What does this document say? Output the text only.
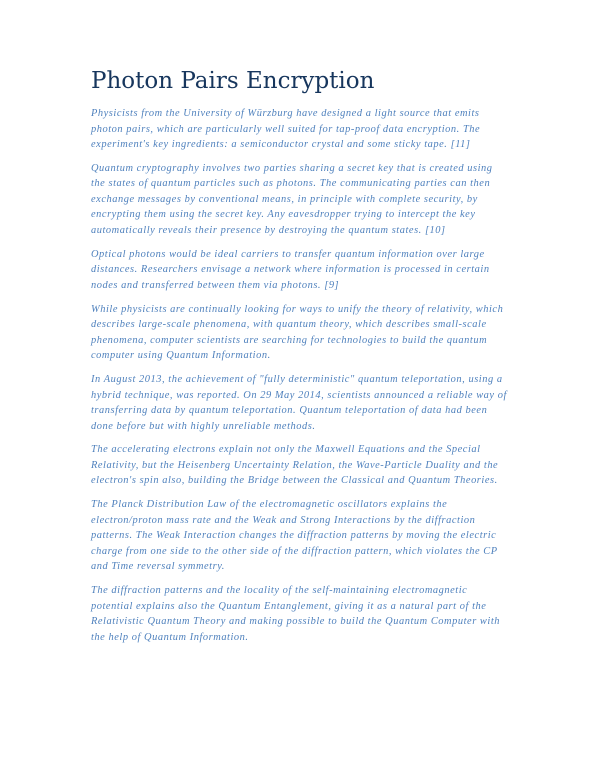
Photon Pairs Encryption

Physicists from the University of Würzburg have designed a light source that emits photon pairs, which are particularly well suited for tap-proof data encryption. The experiment's key ingredients: a semiconductor crystal and some sticky tape. [11]

Quantum cryptography involves two parties sharing a secret key that is created using the states of quantum particles such as photons. The communicating parties can then exchange messages by conventional means, in principle with complete security, by encrypting them using the secret key. Any eavesdropper trying to intercept the key automatically reveals their presence by destroying the quantum states. [10]

Optical photons would be ideal carriers to transfer quantum information over large distances. Researchers envisage a network where information is processed in certain nodes and transferred between them via photons. [9]

While physicists are continually looking for ways to unify the theory of relativity, which describes large-scale phenomena, with quantum theory, which describes small-scale phenomena, computer scientists are searching for technologies to build the quantum computer using Quantum Information.

In August 2013, the achievement of "fully deterministic" quantum teleportation, using a hybrid technique, was reported. On 29 May 2014, scientists announced a reliable way of transferring data by quantum teleportation. Quantum teleportation of data had been done before but with highly unreliable methods.

The accelerating electrons explain not only the Maxwell Equations and the Special Relativity, but the Heisenberg Uncertainty Relation, the Wave-Particle Duality and the electron's spin also, building the Bridge between the Classical and Quantum Theories.

The Planck Distribution Law of the electromagnetic oscillators explains the electron/proton mass rate and the Weak and Strong Interactions by the diffraction patterns. The Weak Interaction changes the diffraction patterns by moving the electric charge from one side to the other side of the diffraction pattern, which violates the CP and Time reversal symmetry.

The diffraction patterns and the locality of the self-maintaining electromagnetic potential explains also the Quantum Entanglement, giving it as a natural part of the Relativistic Quantum Theory and making possible to build the Quantum Computer with the help of Quantum Information.
